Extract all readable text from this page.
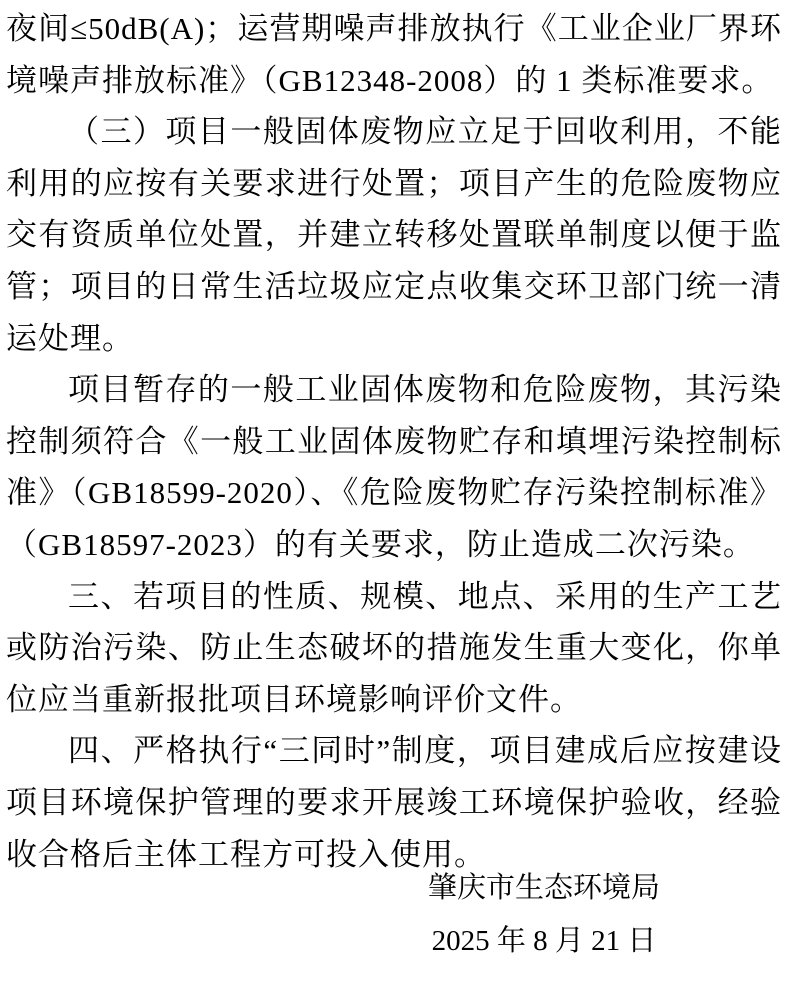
夜间≤50dB(A)；运营期噪声排放执行《工业企业厂界环境噪声排放标准》（GB12348-2008）的 1 类标准要求。

（三）项目一般固体废物应立足于回收利用，不能利用的应按有关要求进行处置；项目产生的危险废物应交有资质单位处置，并建立转移处置联单制度以便于监管；项目的日常生活垃圾应定点收集交环卫部门统一清运处理。

项目暂存的一般工业固体废物和危险废物，其污染控制须符合《一般工业固体废物贮存和填埋污染控制标准》（GB18599-2020）、《危险废物贮存污染控制标准》（GB18597-2023）的有关要求，防止造成二次污染。

三、若项目的性质、规模、地点、采用的生产工艺或防治污染、防止生态破坏的措施发生重大变化，你单位应当重新报批项目环境影响评价文件。

四、严格执行“三同时”制度，项目建成后应按建设项目环境保护管理的要求开展竣工环境保护验收，经验收合格后主体工程方可投入使用。

肇庆市生态环境局
2025 年 8 月 21 日
